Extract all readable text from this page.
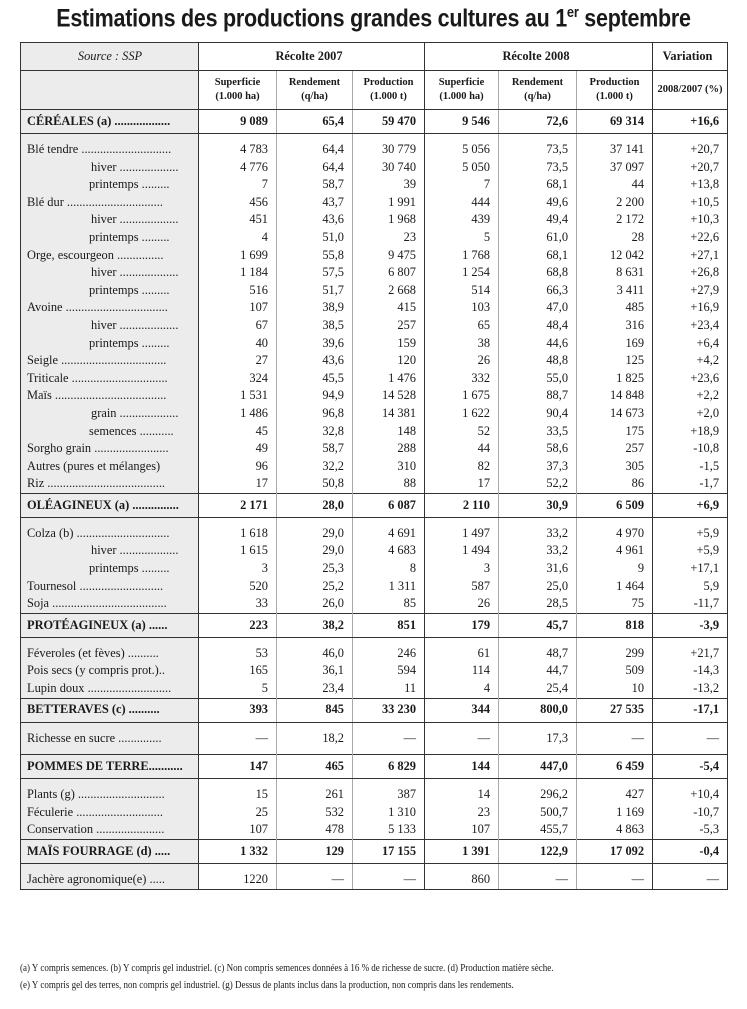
Estimations des productions grandes cultures au 1er septembre
Source : SSP	Récolte 2007			Récolte 2008			Variation
	Superficie (1.000 ha)	Rendement (q/ha)	Production (1.000 t)	Superficie (1.000 ha)	Rendement (q/ha)	Production (1.000 t)	2008/2007 (%)
CÉRÉALES (a) ..................	9 089	65,4	59 470	9 546	72,6	69 314	+16,6

Blé tendre .............................	4 783	64,4	30 779	5 056	73,5	37 141	+20,7
hiver ...................	4 776	64,4	30 740	5 050	73,5	37 097	+20,7
printemps .........	7	58,7	39	7	68,1	44	+13,8
Blé dur ...............................	456	43,7	1 991	444	49,6	2 200	+10,5
hiver ...................	451	43,6	1 968	439	49,4	2 172	+10,3
printemps .........	4	51,0	23	5	61,0	28	+22,6
Orge, escourgeon ...............	1 699	55,8	9 475	1 768	68,1	12 042	+27,1
hiver ...................	1 184	57,5	6 807	1 254	68,8	8 631	+26,8
printemps .........	516	51,7	2 668	514	66,3	3 411	+27,9
Avoine .................................	107	38,9	415	103	47,0	485	+16,9
hiver ...................	67	38,5	257	65	48,4	316	+23,4
printemps .........	40	39,6	159	38	44,6	169	+6,4
Seigle ..................................	27	43,6	120	26	48,8	125	+4,2
Triticale ...............................	324	45,5	1 476	332	55,0	1 825	+23,6
Maïs ....................................	1 531	94,9	14 528	1 675	88,7	14 848	+2,2
grain ...................	1 486	96,8	14 381	1 622	90,4	14 673	+2,0
semences ...........	45	32,8	148	52	33,5	175	+18,9
Sorgho grain ........................	49	58,7	288	44	58,6	257	-10,8
Autres (pures et mélanges)	96	32,2	310	82	37,3	305	-1,5
Riz ......................................	17	50,8	88	17	52,2	86	-1,7
OLÉAGINEUX (a) ...............	2 171	28,0	6 087	2 110	30,9	6 509	+6,9

Colza (b) ..............................	1 618	29,0	4 691	1 497	33,2	4 970	+5,9
hiver ...................	1 615	29,0	4 683	1 494	33,2	4 961	+5,9
printemps .........	3	25,3	8	3	31,6	9	+17,1
Tournesol ...........................	520	25,2	1 311	587	25,0	1 464	5,9
Soja .....................................	33	26,0	85	26	28,5	75	-11,7
PROTÉAGINEUX (a) ......	223	38,2	851	179	45,7	818	-3,9

Féveroles (et fèves) ..........	53	46,0	246	61	48,7	299	+21,7
Pois secs (y compris prot.)..	165	36,1	594	114	44,7	509	-14,3
Lupin doux ...........................	5	23,4	11	4	25,4	10	-13,2
BETTERAVES (c) ..........	393	845	33 230	344	800,0	27 535	-17,1

Richesse en sucre ..............	—	18,2	—	—	17,3	—	—

POMMES DE TERRE...........	147	465	6 829	144	447,0	6 459	-5,4

Plants (g) ............................	15	261	387	14	296,2	427	+10,4
Féculerie ............................	25	532	1 310	23	500,7	1 169	-10,7
Conservation ......................	107	478	5 133	107	455,7	4 863	-5,3
MAÏS FOURRAGE (d) .....	1 332	129	17 155	1 391	122,9	17 092	-0,4

Jachère agronomique(e) .....	1220	—	—	860	—	—	—
(a) Y compris semences. (b) Y compris gel industriel. (c) Non compris semences données à 16 % de richesse de sucre. (d) Production matière sèche.
(e) Y compris gel des terres, non compris gel industriel. (g) Dessus de plants inclus dans la production, non compris dans les rendements.
